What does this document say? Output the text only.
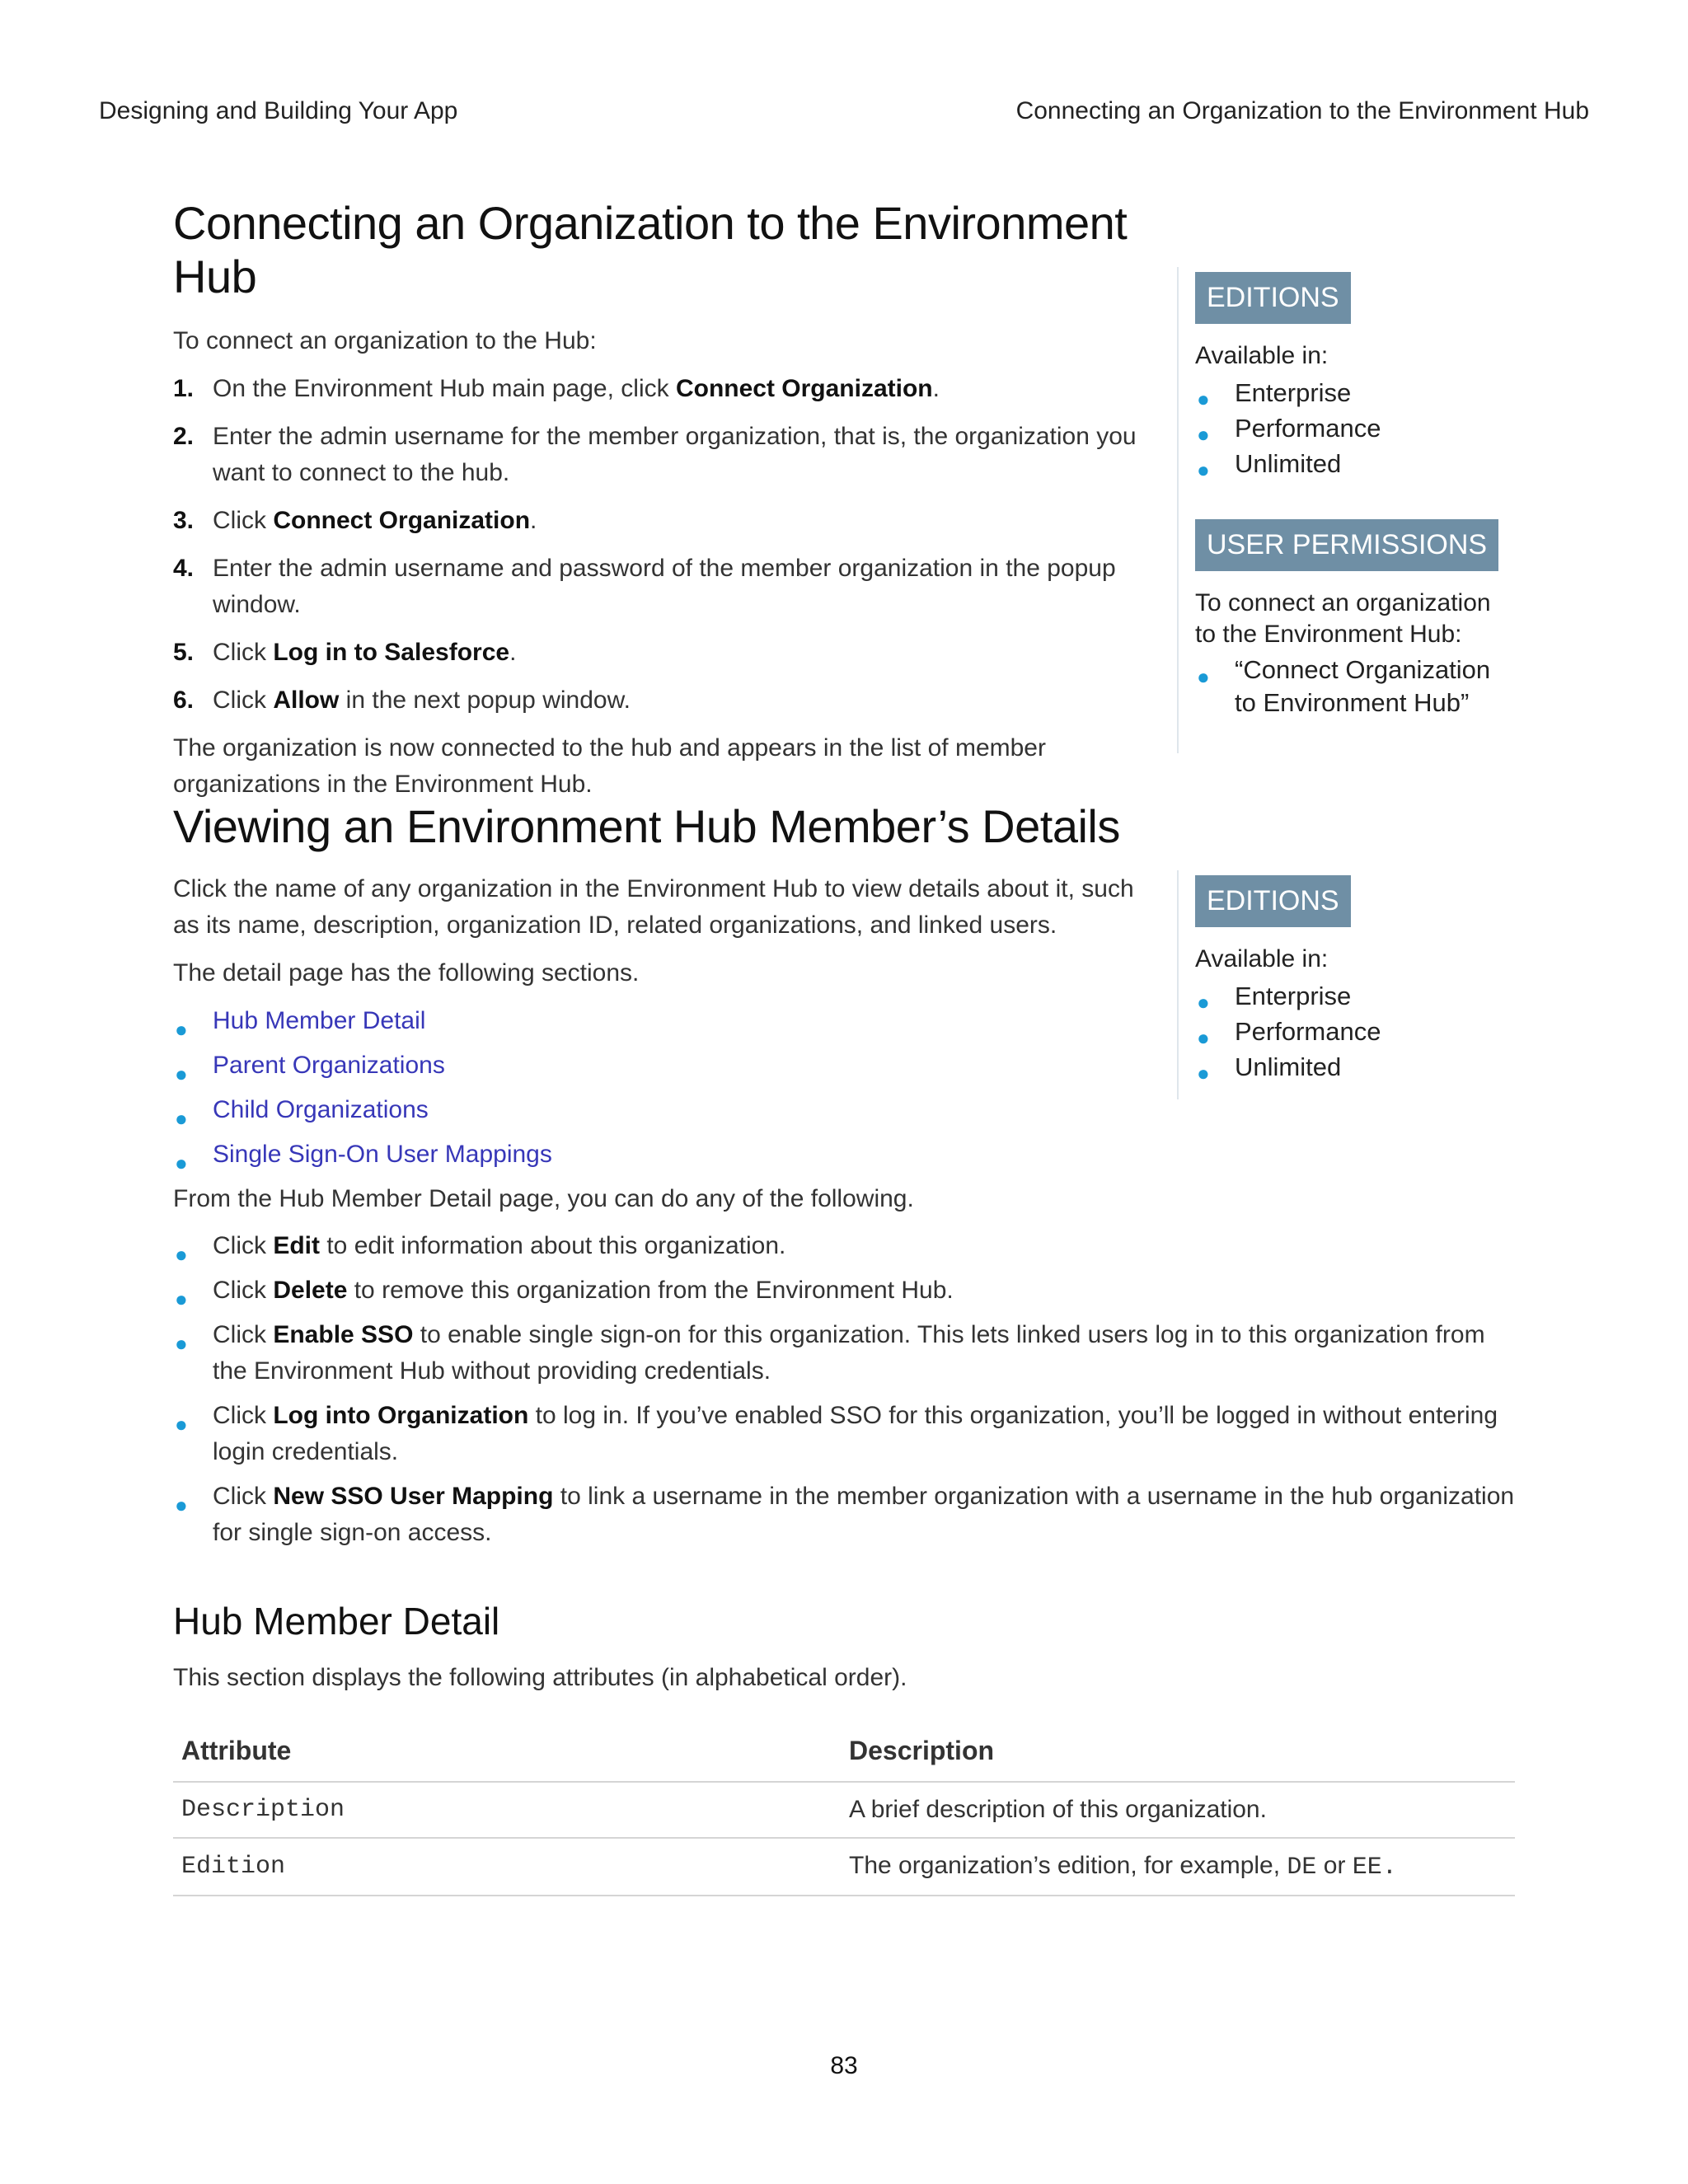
Designing and Building Your App	Connecting an Organization to the Environment Hub
Connecting an Organization to the Environment Hub

To connect an organization to the Hub:

1. On the Environment Hub main page, click Connect Organization.
2. Enter the admin username for the member organization, that is, the organization you want to connect to the hub.
3. Click Connect Organization.
4. Enter the admin username and password of the member organization in the popup window.
5. Click Log in to Salesforce.
6. Click Allow in the next popup window.

The organization is now connected to the hub and appears in the list of member organizations in the Environment Hub.

EDITIONS
Available in:
● Enterprise
● Performance
● Unlimited
USER PERMISSIONS
To connect an organization to the Environment Hub:
● “Connect Organization to Environment Hub”
Viewing an Environment Hub Member’s Details

Click the name of any organization in the Environment Hub to view details about it, such as its name, description, organization ID, related organizations, and linked users.

The detail page has the following sections.

● Hub Member Detail
● Parent Organizations
● Child Organizations
● Single Sign-On User Mappings

From the Hub Member Detail page, you can do any of the following.

● Click Edit to edit information about this organization.
● Click Delete to remove this organization from the Environment Hub.
● Click Enable SSO to enable single sign-on for this organization. This lets linked users log in to this organization from the Environment Hub without providing credentials.
● Click Log into Organization to log in. If you’ve enabled SSO for this organization, you’ll be logged in without entering login credentials.
● Click New SSO User Mapping to link a username in the member organization with a username in the hub organization for single sign-on access.
EDITIONS
Available in:
● Enterprise
● Performance
● Unlimited
Hub Member Detail

This section displays the following attributes (in alphabetical order).

Attribute	Description
Description	A brief description of this organization.
Edition	The organization’s edition, for example, DE or EE.
83
